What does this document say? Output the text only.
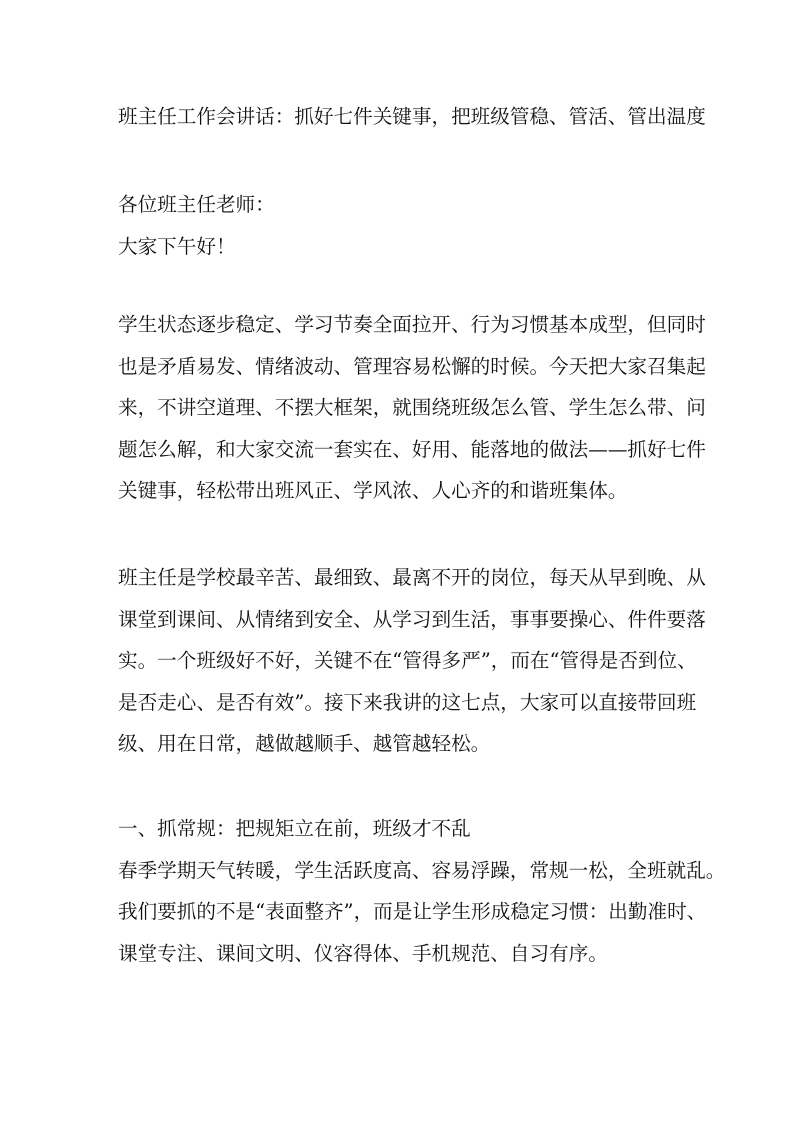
班主任工作会讲话：抓好七件关键事，把班级管稳、管活、管出温度
各位班主任老师：
大家下午好！
学生状态逐步稳定、学习节奏全面拉开、行为习惯基本成型，但同时
也是矛盾易发、情绪波动、管理容易松懈的时候。今天把大家召集起
来，不讲空道理、不摆大框架，就围绕班级怎么管、学生怎么带、问
题怎么解，和大家交流一套实在、好用、能落地的做法——抓好七件
关键事，轻松带出班风正、学风浓、人心齐的和谐班集体。
班主任是学校最辛苦、最细致、最离不开的岗位，每天从早到晚、从
课堂到课间、从情绪到安全、从学习到生活，事事要操心、件件要落
实。一个班级好不好，关键不在“管得多严”，而在“管得是否到位、
是否走心、是否有效”。接下来我讲的这七点，大家可以直接带回班
级、用在日常，越做越顺手、越管越轻松。
一、抓常规：把规矩立在前，班级才不乱
春季学期天气转暖，学生活跃度高、容易浮躁，常规一松，全班就乱。
我们要抓的不是“表面整齐”，而是让学生形成稳定习惯：出勤准时、
课堂专注、课间文明、仪容得体、手机规范、自习有序。
